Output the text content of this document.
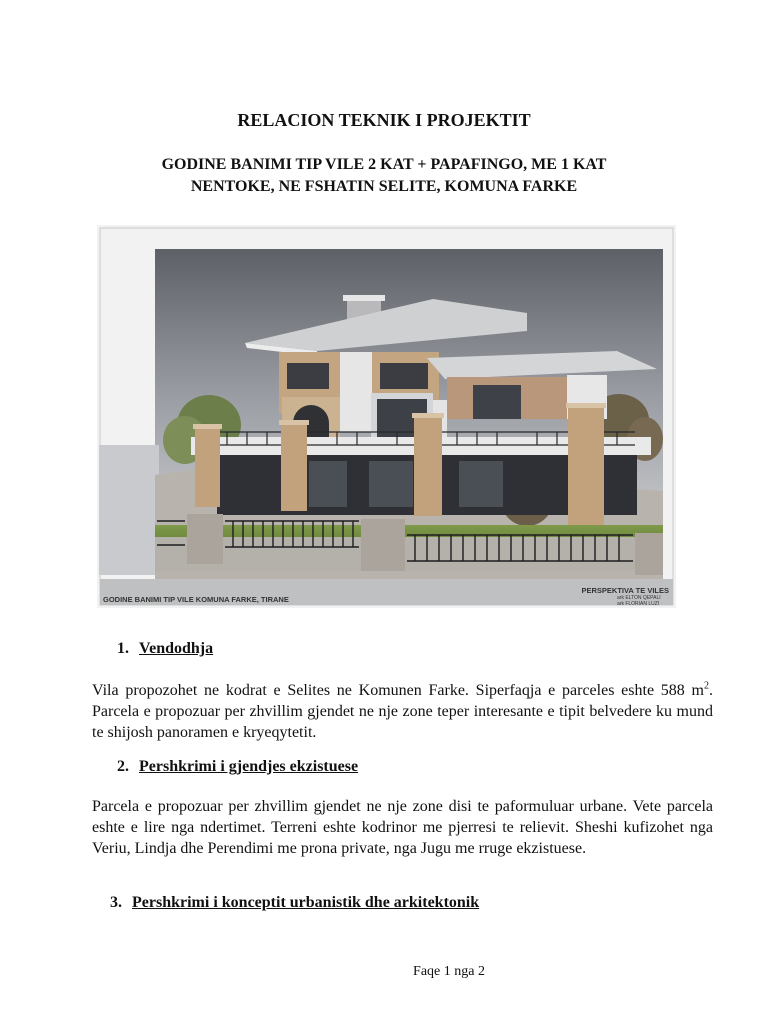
RELACION TEKNIK I PROJEKTIT
GODINE BANIMI TIP VILE 2 KAT + PAPAFINGO, ME 1 KAT
NENTOKE, NE FSHATIN SELITE, KOMUNA FARKE
GODINE BANIMI TIP VILE KOMUNA FARKE, TIRANE
PERSPEKTIVA TE VILES
ark ELTON QEPALI
ark FLORIAN LUZI
1. Vendodhja
Vila propozohet ne kodrat e Selites ne Komunen Farke. Siperfaqja e parceles eshte 588 $m^2$. Parcela e propozuar per zhvillim gjendet ne nje zone teper interesante e tipit belvedere ku mund te shijosh panoramen e kryeqytetit.
2. Pershkrimi i gjendjes ekzistuese
Parcela e propozuar per zhvillim gjendet ne nje zone disi te paformuluar urbane. Vete parcela eshte e lire nga ndertimet. Terreni eshte kodrinor me pjerresi te relievit. Sheshi kufizohet nga Veriu, Lindja dhe Perendimi me prona private, nga Jugu me rruge ekzistuese.
3. Pershkrimi i konceptit urbanistik dhe arkitektonik
Faqe 1 nga 2
